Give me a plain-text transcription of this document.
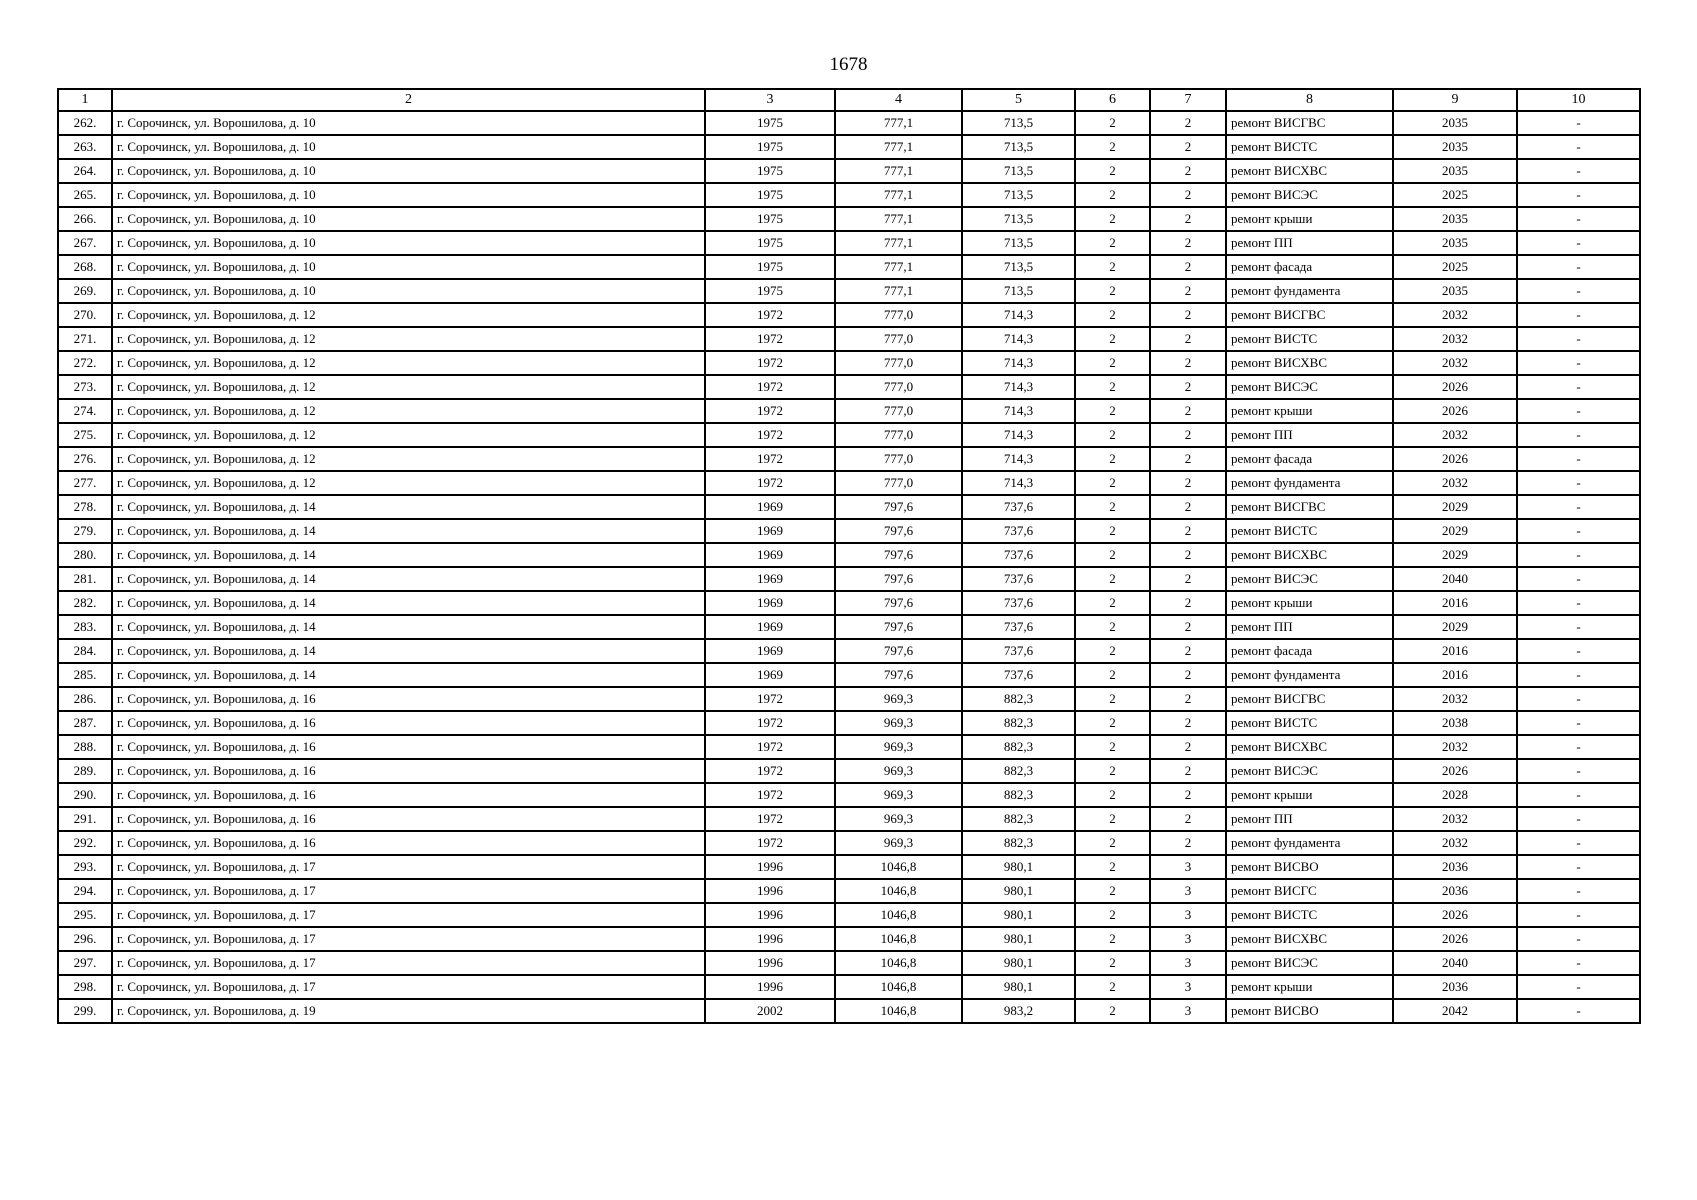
1678
1	2	3	4	5	6	7	8	9	10
262.	г. Сорочинск, ул. Ворошилова, д. 10	1975	777,1	713,5	2	2	ремонт ВИСГВС	2035	-
263.	г. Сорочинск, ул. Ворошилова, д. 10	1975	777,1	713,5	2	2	ремонт ВИСТС	2035	-
264.	г. Сорочинск, ул. Ворошилова, д. 10	1975	777,1	713,5	2	2	ремонт ВИСХВС	2035	-
265.	г. Сорочинск, ул. Ворошилова, д. 10	1975	777,1	713,5	2	2	ремонт ВИСЭС	2025	-
266.	г. Сорочинск, ул. Ворошилова, д. 10	1975	777,1	713,5	2	2	ремонт крыши	2035	-
267.	г. Сорочинск, ул. Ворошилова, д. 10	1975	777,1	713,5	2	2	ремонт ПП	2035	-
268.	г. Сорочинск, ул. Ворошилова, д. 10	1975	777,1	713,5	2	2	ремонт фасада	2025	-
269.	г. Сорочинск, ул. Ворошилова, д. 10	1975	777,1	713,5	2	2	ремонт фундамента	2035	-
270.	г. Сорочинск, ул. Ворошилова, д. 12	1972	777,0	714,3	2	2	ремонт ВИСГВС	2032	-
271.	г. Сорочинск, ул. Ворошилова, д. 12	1972	777,0	714,3	2	2	ремонт ВИСТС	2032	-
272.	г. Сорочинск, ул. Ворошилова, д. 12	1972	777,0	714,3	2	2	ремонт ВИСХВС	2032	-
273.	г. Сорочинск, ул. Ворошилова, д. 12	1972	777,0	714,3	2	2	ремонт ВИСЭС	2026	-
274.	г. Сорочинск, ул. Ворошилова, д. 12	1972	777,0	714,3	2	2	ремонт крыши	2026	-
275.	г. Сорочинск, ул. Ворошилова, д. 12	1972	777,0	714,3	2	2	ремонт ПП	2032	-
276.	г. Сорочинск, ул. Ворошилова, д. 12	1972	777,0	714,3	2	2	ремонт фасада	2026	-
277.	г. Сорочинск, ул. Ворошилова, д. 12	1972	777,0	714,3	2	2	ремонт фундамента	2032	-
278.	г. Сорочинск, ул. Ворошилова, д. 14	1969	797,6	737,6	2	2	ремонт ВИСГВС	2029	-
279.	г. Сорочинск, ул. Ворошилова, д. 14	1969	797,6	737,6	2	2	ремонт ВИСТС	2029	-
280.	г. Сорочинск, ул. Ворошилова, д. 14	1969	797,6	737,6	2	2	ремонт ВИСХВС	2029	-
281.	г. Сорочинск, ул. Ворошилова, д. 14	1969	797,6	737,6	2	2	ремонт ВИСЭС	2040	-
282.	г. Сорочинск, ул. Ворошилова, д. 14	1969	797,6	737,6	2	2	ремонт крыши	2016	-
283.	г. Сорочинск, ул. Ворошилова, д. 14	1969	797,6	737,6	2	2	ремонт ПП	2029	-
284.	г. Сорочинск, ул. Ворошилова, д. 14	1969	797,6	737,6	2	2	ремонт фасада	2016	-
285.	г. Сорочинск, ул. Ворошилова, д. 14	1969	797,6	737,6	2	2	ремонт фундамента	2016	-
286.	г. Сорочинск, ул. Ворошилова, д. 16	1972	969,3	882,3	2	2	ремонт ВИСГВС	2032	-
287.	г. Сорочинск, ул. Ворошилова, д. 16	1972	969,3	882,3	2	2	ремонт ВИСТС	2038	-
288.	г. Сорочинск, ул. Ворошилова, д. 16	1972	969,3	882,3	2	2	ремонт ВИСХВС	2032	-
289.	г. Сорочинск, ул. Ворошилова, д. 16	1972	969,3	882,3	2	2	ремонт ВИСЭС	2026	-
290.	г. Сорочинск, ул. Ворошилова, д. 16	1972	969,3	882,3	2	2	ремонт крыши	2028	-
291.	г. Сорочинск, ул. Ворошилова, д. 16	1972	969,3	882,3	2	2	ремонт ПП	2032	-
292.	г. Сорочинск, ул. Ворошилова, д. 16	1972	969,3	882,3	2	2	ремонт фундамента	2032	-
293.	г. Сорочинск, ул. Ворошилова, д. 17	1996	1046,8	980,1	2	3	ремонт ВИСВО	2036	-
294.	г. Сорочинск, ул. Ворошилова, д. 17	1996	1046,8	980,1	2	3	ремонт ВИСГС	2036	-
295.	г. Сорочинск, ул. Ворошилова, д. 17	1996	1046,8	980,1	2	3	ремонт ВИСТС	2026	-
296.	г. Сорочинск, ул. Ворошилова, д. 17	1996	1046,8	980,1	2	3	ремонт ВИСХВС	2026	-
297.	г. Сорочинск, ул. Ворошилова, д. 17	1996	1046,8	980,1	2	3	ремонт ВИСЭС	2040	-
298.	г. Сорочинск, ул. Ворошилова, д. 17	1996	1046,8	980,1	2	3	ремонт крыши	2036	-
299.	г. Сорочинск, ул. Ворошилова, д. 19	2002	1046,8	983,2	2	3	ремонт ВИСВО	2042	-
